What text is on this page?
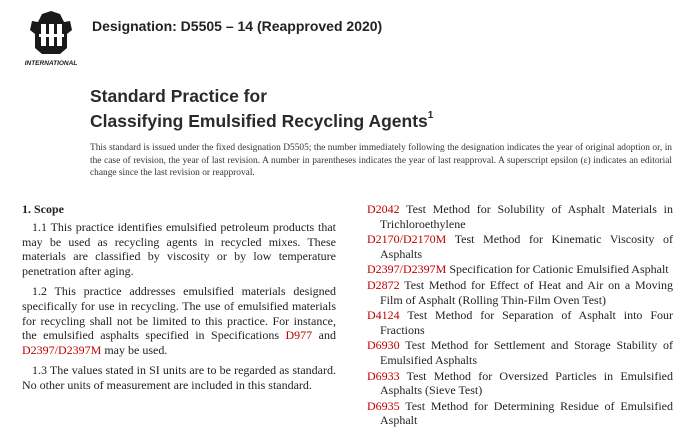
INTERNATIONAL
Designation: D5505 – 14 (Reapproved 2020)
Standard Practice for
Classifying Emulsified Recycling Agents$^1$
This standard is issued under the fixed designation D5505; the number immediately following the designation indicates the year of original adoption or, in the case of revision, the year of last revision. A number in parentheses indicates the year of last reapproval. A superscript epsilon (ε) indicates an editorial change since the last revision or reapproval.
1. Scope

1.1 This practice identifies emulsified petroleum products that may be used as recycling agents in recycled mixes. These materials are classified by viscosity or by low temperature penetration after aging.

1.2 This practice addresses emulsified materials designed specifically for use in recycling. The use of emulsified materials for recycling shall not be limited to this practice. For instance, the emulsified asphalts specified in Specifications D977 and D2397/D2397M may be used.

1.3 The values stated in SI units are to be regarded as standard. No other units of measurement are included in this standard.

D2042 Test Method for Solubility of Asphalt Materials in Trichloroethylene

D2170/D2170M Test Method for Kinematic Viscosity of Asphalts

D2397/D2397M Specification for Cationic Emulsified Asphalt

D2872 Test Method for Effect of Heat and Air on a Moving Film of Asphalt (Rolling Thin-Film Oven Test)

D4124 Test Method for Separation of Asphalt into Four Fractions

D6930 Test Method for Settlement and Storage Stability of Emulsified Asphalts

D6933 Test Method for Oversized Particles in Emulsified Asphalts (Sieve Test)

D6935 Test Method for Determining Residue of Emulsified Asphalt
